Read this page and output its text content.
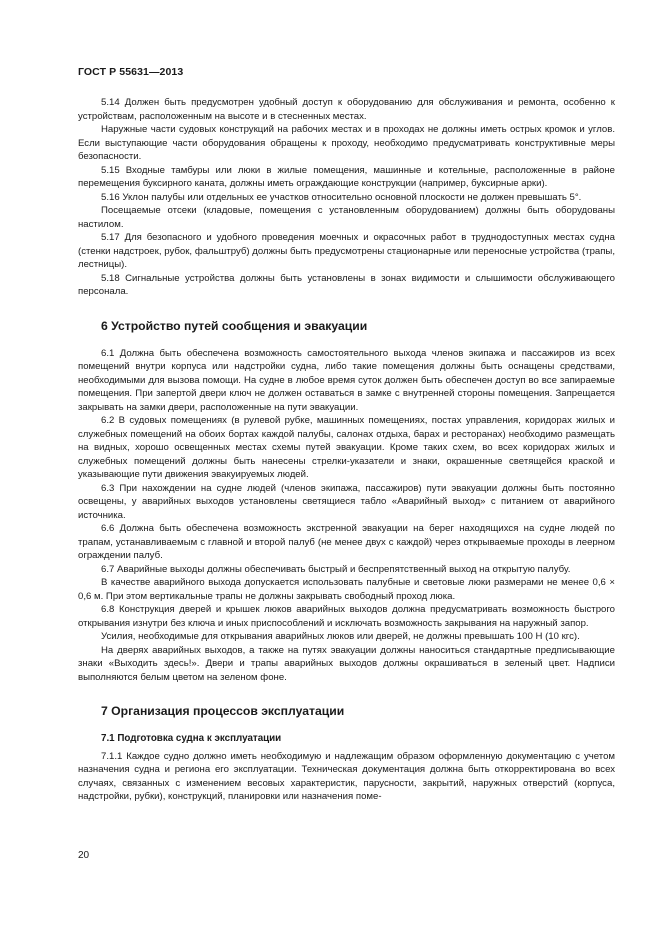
ГОСТ Р 55631—2013

5.14 Должен быть предусмотрен удобный доступ к оборудованию для обслуживания и ремонта, особенно к устройствам, расположенным на высоте и в стесненных местах.

Наружные части судовых конструкций на рабочих местах и в проходах не должны иметь острых кромок и углов. Если выступающие части оборудования обращены к проходу, необходимо предусматривать конструктивные меры безопасности.

5.15 Входные тамбуры или люки в жилые помещения, машинные и котельные, расположенные в районе перемещения буксирного каната, должны иметь ограждающие конструкции (например, буксирные арки).

5.16 Уклон палубы или отдельных ее участков относительно основной плоскости не должен превышать 5°.

Посещаемые отсеки (кладовые, помещения с установленным оборудованием) должны быть оборудованы настилом.

5.17 Для безопасного и удобного проведения моечных и окрасочных работ в труднодоступных местах судна (стенки надстроек, рубок, фальштруб) должны быть предусмотрены стационарные или переносные устройства (трапы, лестницы).

5.18 Сигнальные устройства должны быть установлены в зонах видимости и слышимости обслуживающего персонала.

6 Устройство путей сообщения и эвакуации

6.1 Должна быть обеспечена возможность самостоятельного выхода членов экипажа и пассажиров из всех помещений внутри корпуса или надстройки судна, либо такие помещения должны быть оснащены средствами, необходимыми для вызова помощи. На судне в любое время суток должен быть обеспечен доступ во все запираемые помещения. При запертой двери ключ не должен оставаться в замке с внутренней стороны помещения. Запрещается закрывать на замки двери, расположенные на пути эвакуации.

6.2 В судовых помещениях (в рулевой рубке, машинных помещениях, постах управления, коридорах жилых и служебных помещений на обоих бортах каждой палубы, салонах отдыха, барах и ресторанах) необходимо размещать на видных, хорошо освещенных местах схемы путей эвакуации. Кроме таких схем, во всех коридорах жилых и служебных помещений должны быть нанесены стрелки-указатели и знаки, окрашенные светящейся краской и указывающие пути движения эвакуируемых людей.

6.3 При нахождении на судне людей (членов экипажа, пассажиров) пути эвакуации должны быть постоянно освещены, у аварийных выходов установлены светящиеся табло «Аварийный выход» с питанием от аварийного источника.

6.6 Должна быть обеспечена возможность экстренной эвакуации на берег находящихся на судне людей по трапам, устанавливаемым с главной и второй палуб (не менее двух с каждой) через открываемые проходы в леерном ограждении палуб.

6.7 Аварийные выходы должны обеспечивать быстрый и беспрепятственный выход на открытую палубу.

В качестве аварийного выхода допускается использовать палубные и световые люки размерами не менее 0,6 × 0,6 м. При этом вертикальные трапы не должны закрывать свободный проход люка.

6.8 Конструкция дверей и крышек люков аварийных выходов должна предусматривать возможность быстрого открывания изнутри без ключа и иных приспособлений и исключать возможность закрывания на наружный запор.

Усилия, необходимые для открывания аварийных люков или дверей, не должны превышать 100 Н (10 кгс).

На дверях аварийных выходов, а также на путях эвакуации должны наноситься стандартные предписывающие знаки «Выходить здесь!». Двери и трапы аварийных выходов должны окрашиваться в зеленый цвет. Надписи выполняются белым цветом на зеленом фоне.

7 Организация процессов эксплуатации
7.1 Подготовка судна к эксплуатации

7.1.1 Каждое судно должно иметь необходимую и надлежащим образом оформленную документацию с учетом назначения судна и региона его эксплуатации. Техническая документация должна быть откорректирована во всех случаях, связанных с изменением весовых характеристик, парусности, закрытий, наружных отверстий (корпуса, надстройки, рубки), конструкций, планировки или назначения поме-

20
